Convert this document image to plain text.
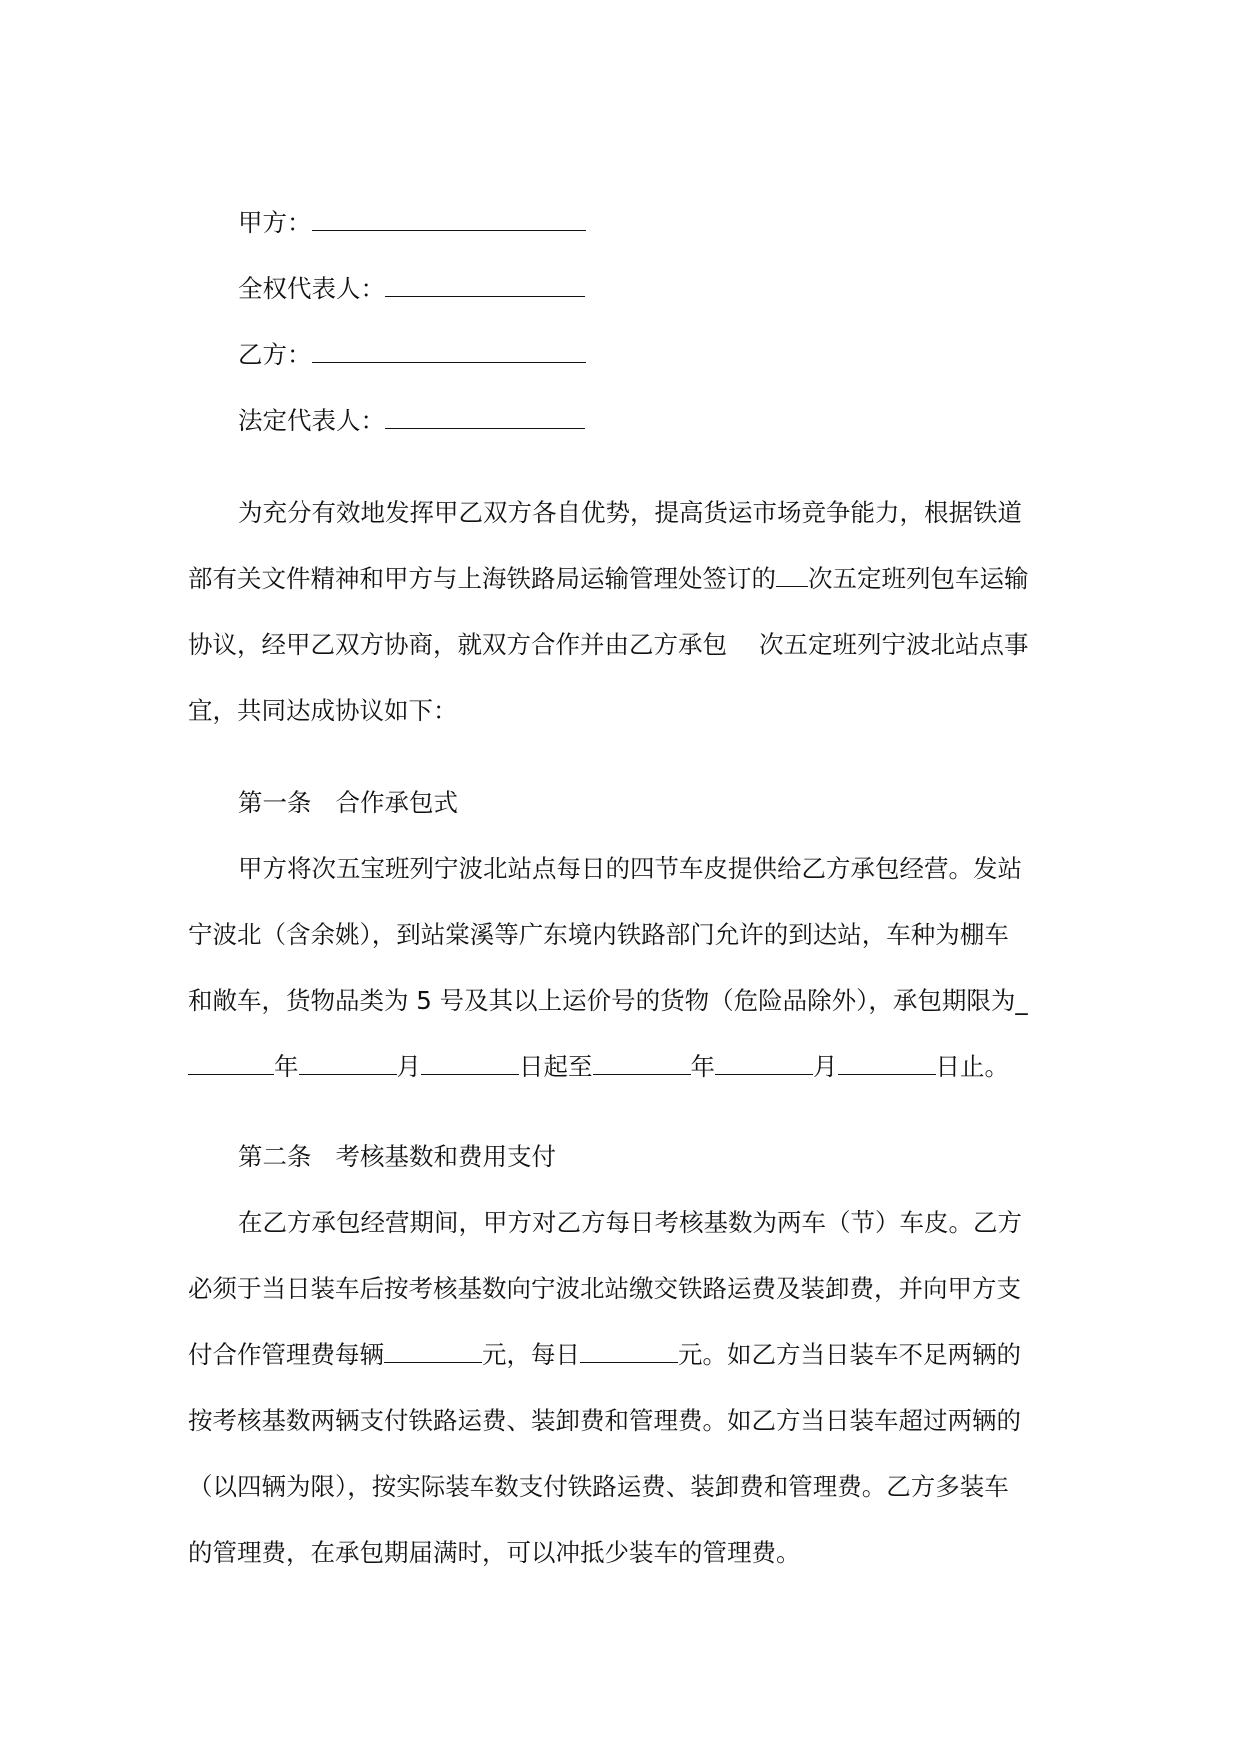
甲方：
全权代表人：
乙方：
法定代表人：
为充分有效地发挥甲乙双方各自优势，提高货运市场竞争能力，根据铁道
部有关文件精神和甲方与上海铁路局运输管理处签订的 次五定班列包车运输
协议，经甲乙双方协商，就双方合作并由乙方承包 次五定班列宁波北站点事
宜，共同达成协议如下：
第一条 合作承包式
甲方将次五宝班列宁波北站点每日的四节车皮提供给乙方承包经营。发站
宁波北（含余姚），到站棠溪等广东境内铁路部门允许的到达站，车种为棚车
和敞车，货物品类为 5 号及其以上运价号的货物（危险品除外），承包期限为_
年	月	日起至	年	月	日止。
第二条 考核基数和费用支付
在乙方承包经营期间，甲方对乙方每日考核基数为两车（节）车皮。乙方
必须于当日装车后按考核基数向宁波北站缴交铁路运费及装卸费，并向甲方支
付合作管理费每辆	元，每日	元。如乙方当日装车不足两辆的
按考核基数两辆支付铁路运费、装卸费和管理费。如乙方当日装车超过两辆的
（以四辆为限），按实际装车数支付铁路运费、装卸费和管理费。乙方多装车
的管理费，在承包期届满时，可以冲抵少装车的管理费。
